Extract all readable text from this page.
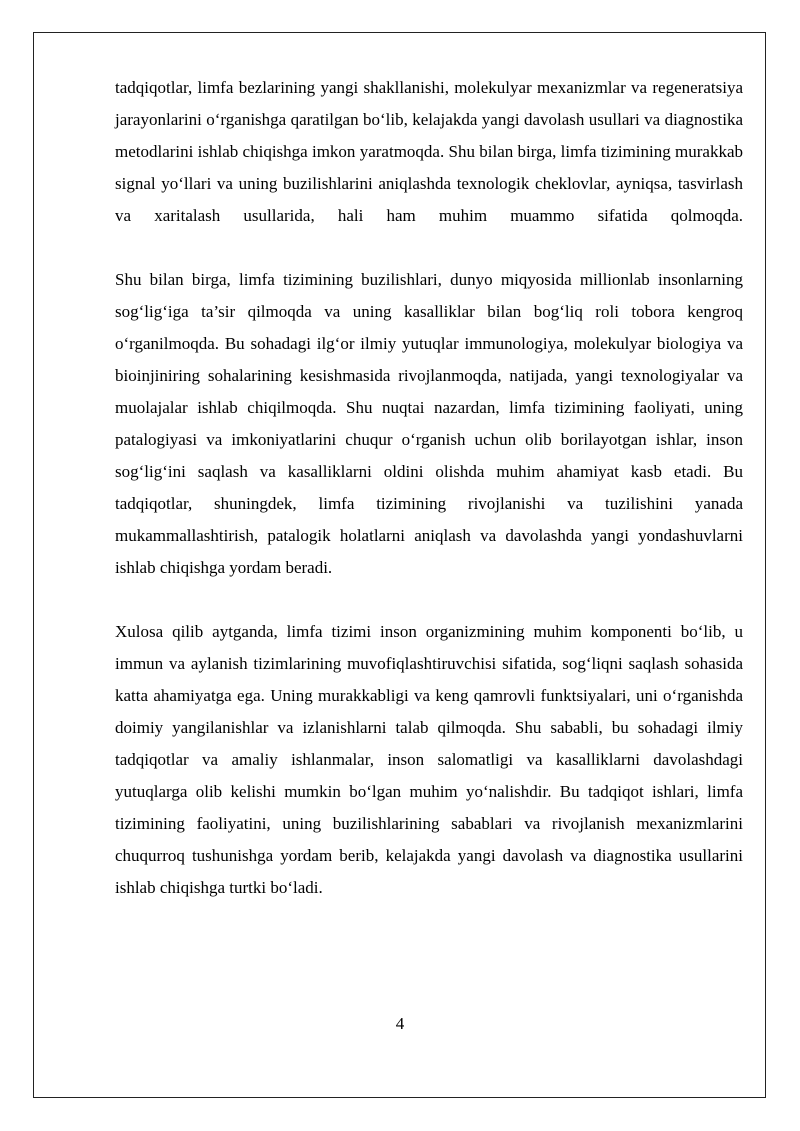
tadqiqotlar, limfa bezlarining yangi shakllanishi, molekulyar mexanizmlar va regeneratsiya jarayonlarini o‘rganishga qaratilgan bo‘lib, kelajakda yangi davolash usullari va diagnostika metodlarini ishlab chiqishga imkon yaratmoqda. Shu bilan birga, limfa tizimining murakkab signal yo‘llari va uning buzilishlarini aniqlashda texnologik cheklovlar, ayniqsa, tasvirlash va xaritalash usullarida, hali ham muhim muammo sifatida qolmoqda.

Shu bilan birga, limfa tizimining buzilishlari, dunyo miqyosida millionlab insonlarning sog‘lig‘iga ta’sir qilmoqda va uning kasalliklar bilan bog‘liq roli tobora kengroq o‘rganilmoqda. Bu sohadagi ilg‘or ilmiy yutuqlar immunologiya, molekulyar biologiya va bioinjiniring sohalarining kesishmasida rivojlanmoqda, natijada, yangi texnologiyalar va muolajalar ishlab chiqilmoqda. Shu nuqtai nazardan, limfa tizimining faoliyati, uning patalogiyasi va imkoniyatlarini chuqur o‘rganish uchun olib borilayotgan ishlar, inson sog‘lig‘ini saqlash va kasalliklarni oldini olishda muhim ahamiyat kasb etadi. Bu tadqiqotlar, shuningdek, limfa tizimining rivojlanishi va tuzilishini yanada mukammallashtirish, patalogik holatlarni aniqlash va davolashda yangi yondashuvlarni ishlab chiqishga yordam beradi.

Xulosa qilib aytganda, limfa tizimi inson organizmining muhim komponenti bo‘lib, u immun va aylanish tizimlarining muvofiqlashtiruvchisi sifatida, sog‘liqni saqlash sohasida katta ahamiyatga ega. Uning murakkabligi va keng qamrovli funktsiyalari, uni o‘rganishda doimiy yangilanishlar va izlanishlarni talab qilmoqda. Shu sababli, bu sohadagi ilmiy tadqiqotlar va amaliy ishlanmalar, inson salomatligi va kasalliklarni davolashdagi yutuqlarga olib kelishi mumkin bo‘lgan muhim yo‘nalishdir. Bu tadqiqot ishlari, limfa tizimining faoliyatini, uning buzilishlarining sabablari va rivojlanish mexanizmlarini chuqurroq tushunishga yordam berib, kelajakda yangi davolash va diagnostika usullarini ishlab chiqishga turtki bo‘ladi.

4
